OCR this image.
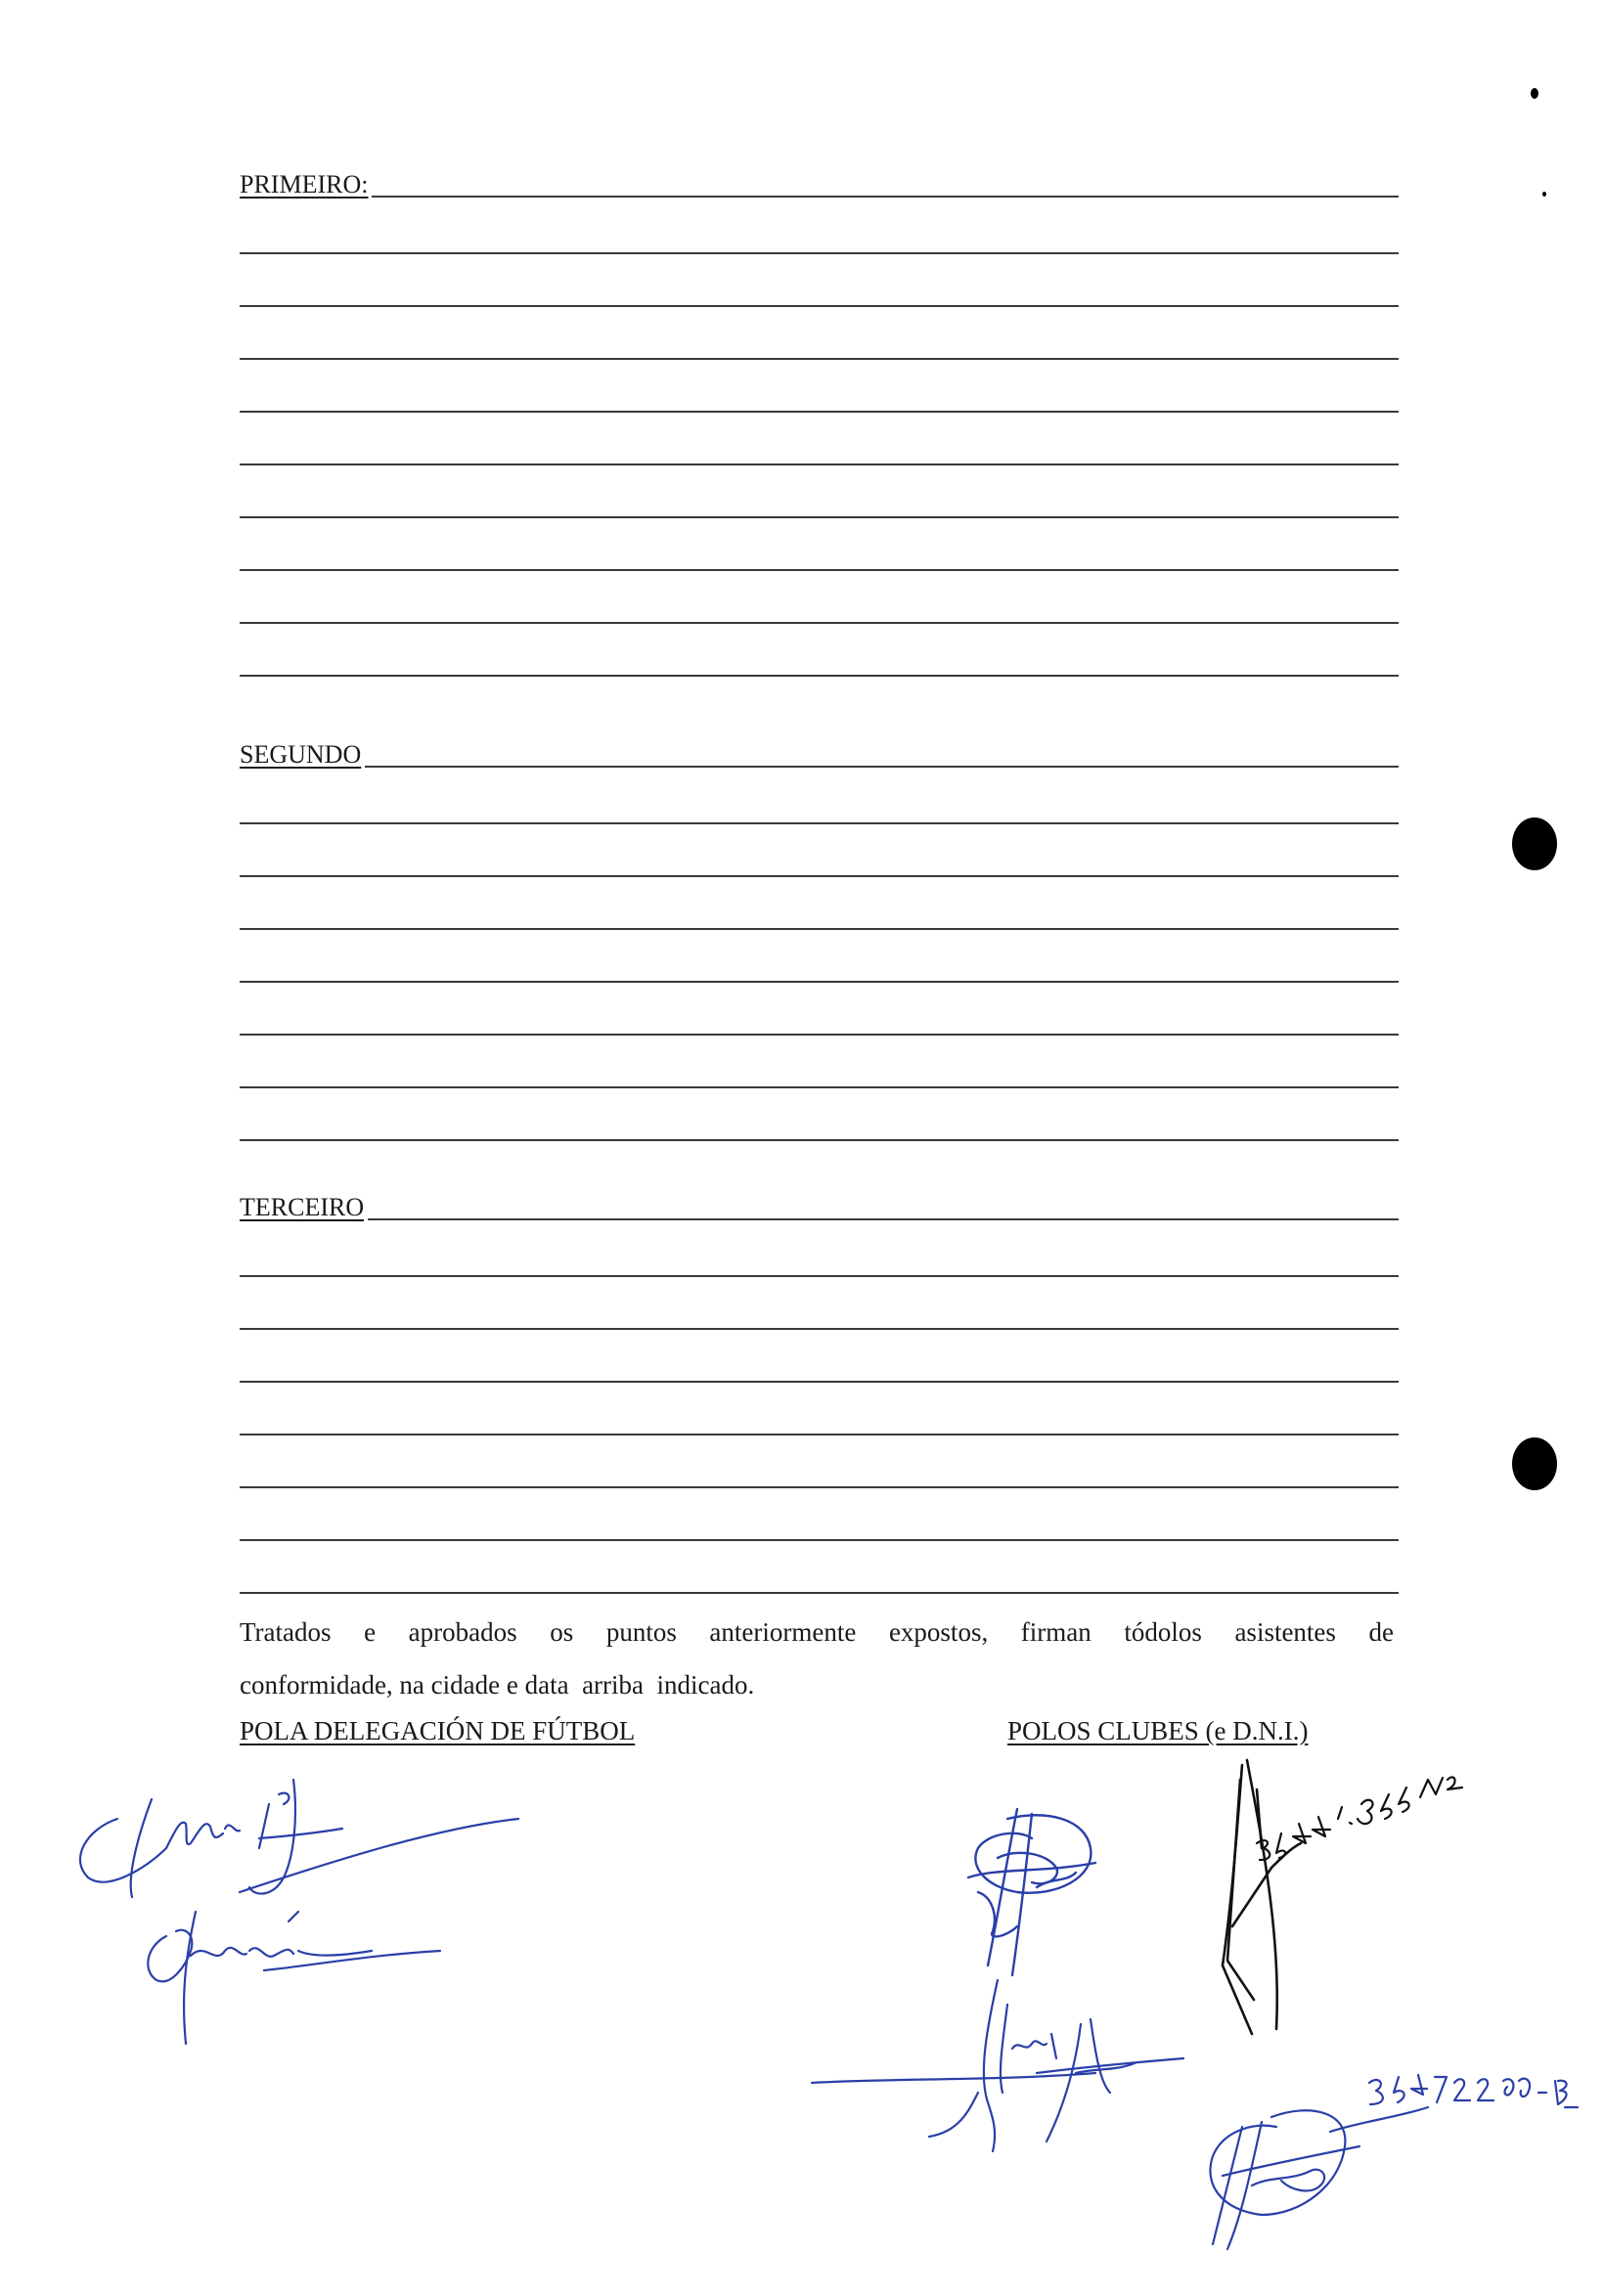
PRIMEIRO:
SEGUNDO
TERCEIRO
Tratados e aprobados os puntos anteriormente expostos, firman tódolos asistentes de
conformidade, na cidade e data  arriba  indicado.
POLA DELEGACIÓN DE FÚTBOL	POLOS CLUBES (e D.N.I.)
